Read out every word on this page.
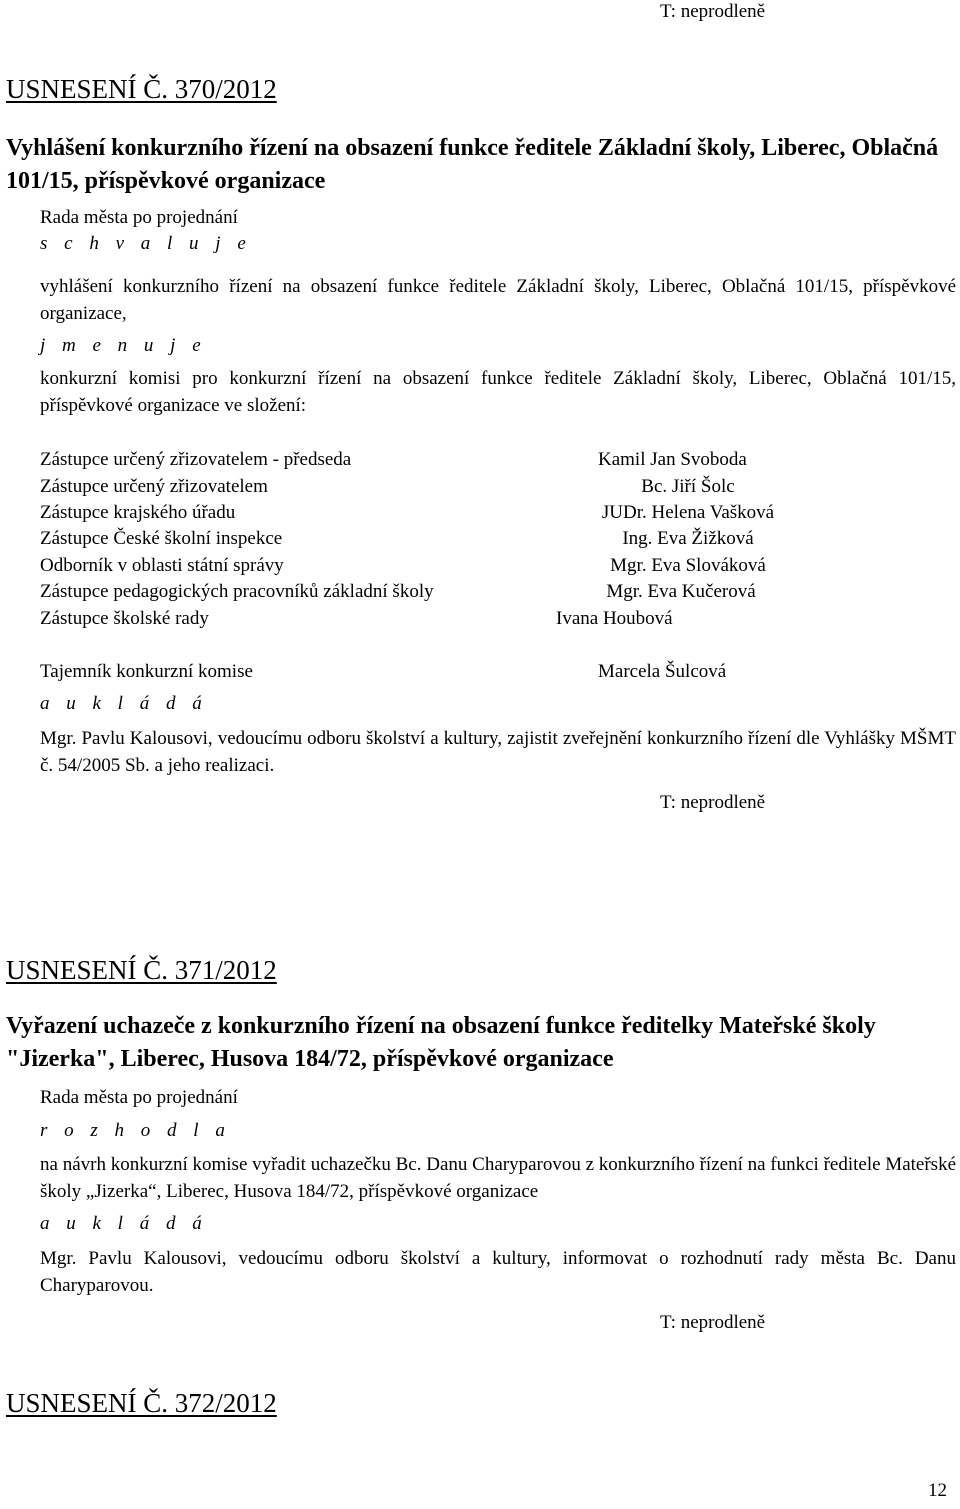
T: neprodleně
USNESENÍ Č. 370/2012
Vyhlášení konkurzního řízení na obsazení funkce ředitele Základní školy, Liberec, Oblačná 101/15, příspěvkové organizace
Rada města po projednání
s c h v a l u j e
vyhlášení konkurzního řízení na obsazení funkce ředitele Základní školy, Liberec, Oblačná 101/15, příspěvkové organizace,
j m e n u j e
konkurzní komisi pro konkurzní řízení na obsazení funkce ředitele Základní školy, Liberec, Oblačná 101/15, příspěvkové organizace ve složení:
Zástupce určený zřizovatelem - předseda	Kamil Jan Svoboda
Zástupce určený zřizovatelem	Bc. Jiří Šolc
Zástupce krajského úřadu	JUDr. Helena Vašková
Zástupce České školní inspekce	Ing. Eva Žižková
Odborník v oblasti státní správy	Mgr. Eva Slováková
Zástupce pedagogických pracovníků základní školy	Mgr. Eva Kučerová
Zástupce školské rady	Ivana Houbová
Tajemník konkurzní komise	Marcela Šulcová
a u k l á d á
Mgr. Pavlu Kalousovi, vedoucímu odboru školství a kultury, zajistit zveřejnění konkurzního řízení dle Vyhlášky MŠMT č. 54/2005 Sb. a jeho realizaci.
T: neprodleně
USNESENÍ Č. 371/2012
Vyřazení uchazeče z konkurzního řízení na obsazení funkce ředitelky Mateřské školy "Jizerka", Liberec, Husova 184/72, příspěvkové organizace
Rada města po projednání
r o z h o d l a
na návrh konkurzní komise vyřadit uchazečku Bc. Danu Charyparovou z konkurzního řízení na funkci ředitele Mateřské školy „Jizerka“, Liberec, Husova 184/72, příspěvkové organizace
a u k l á d á
Mgr. Pavlu Kalousovi, vedoucímu odboru školství a kultury, informovat o rozhodnutí rady města Bc. Danu Charyparovou.
T: neprodleně
USNESENÍ Č. 372/2012
12
